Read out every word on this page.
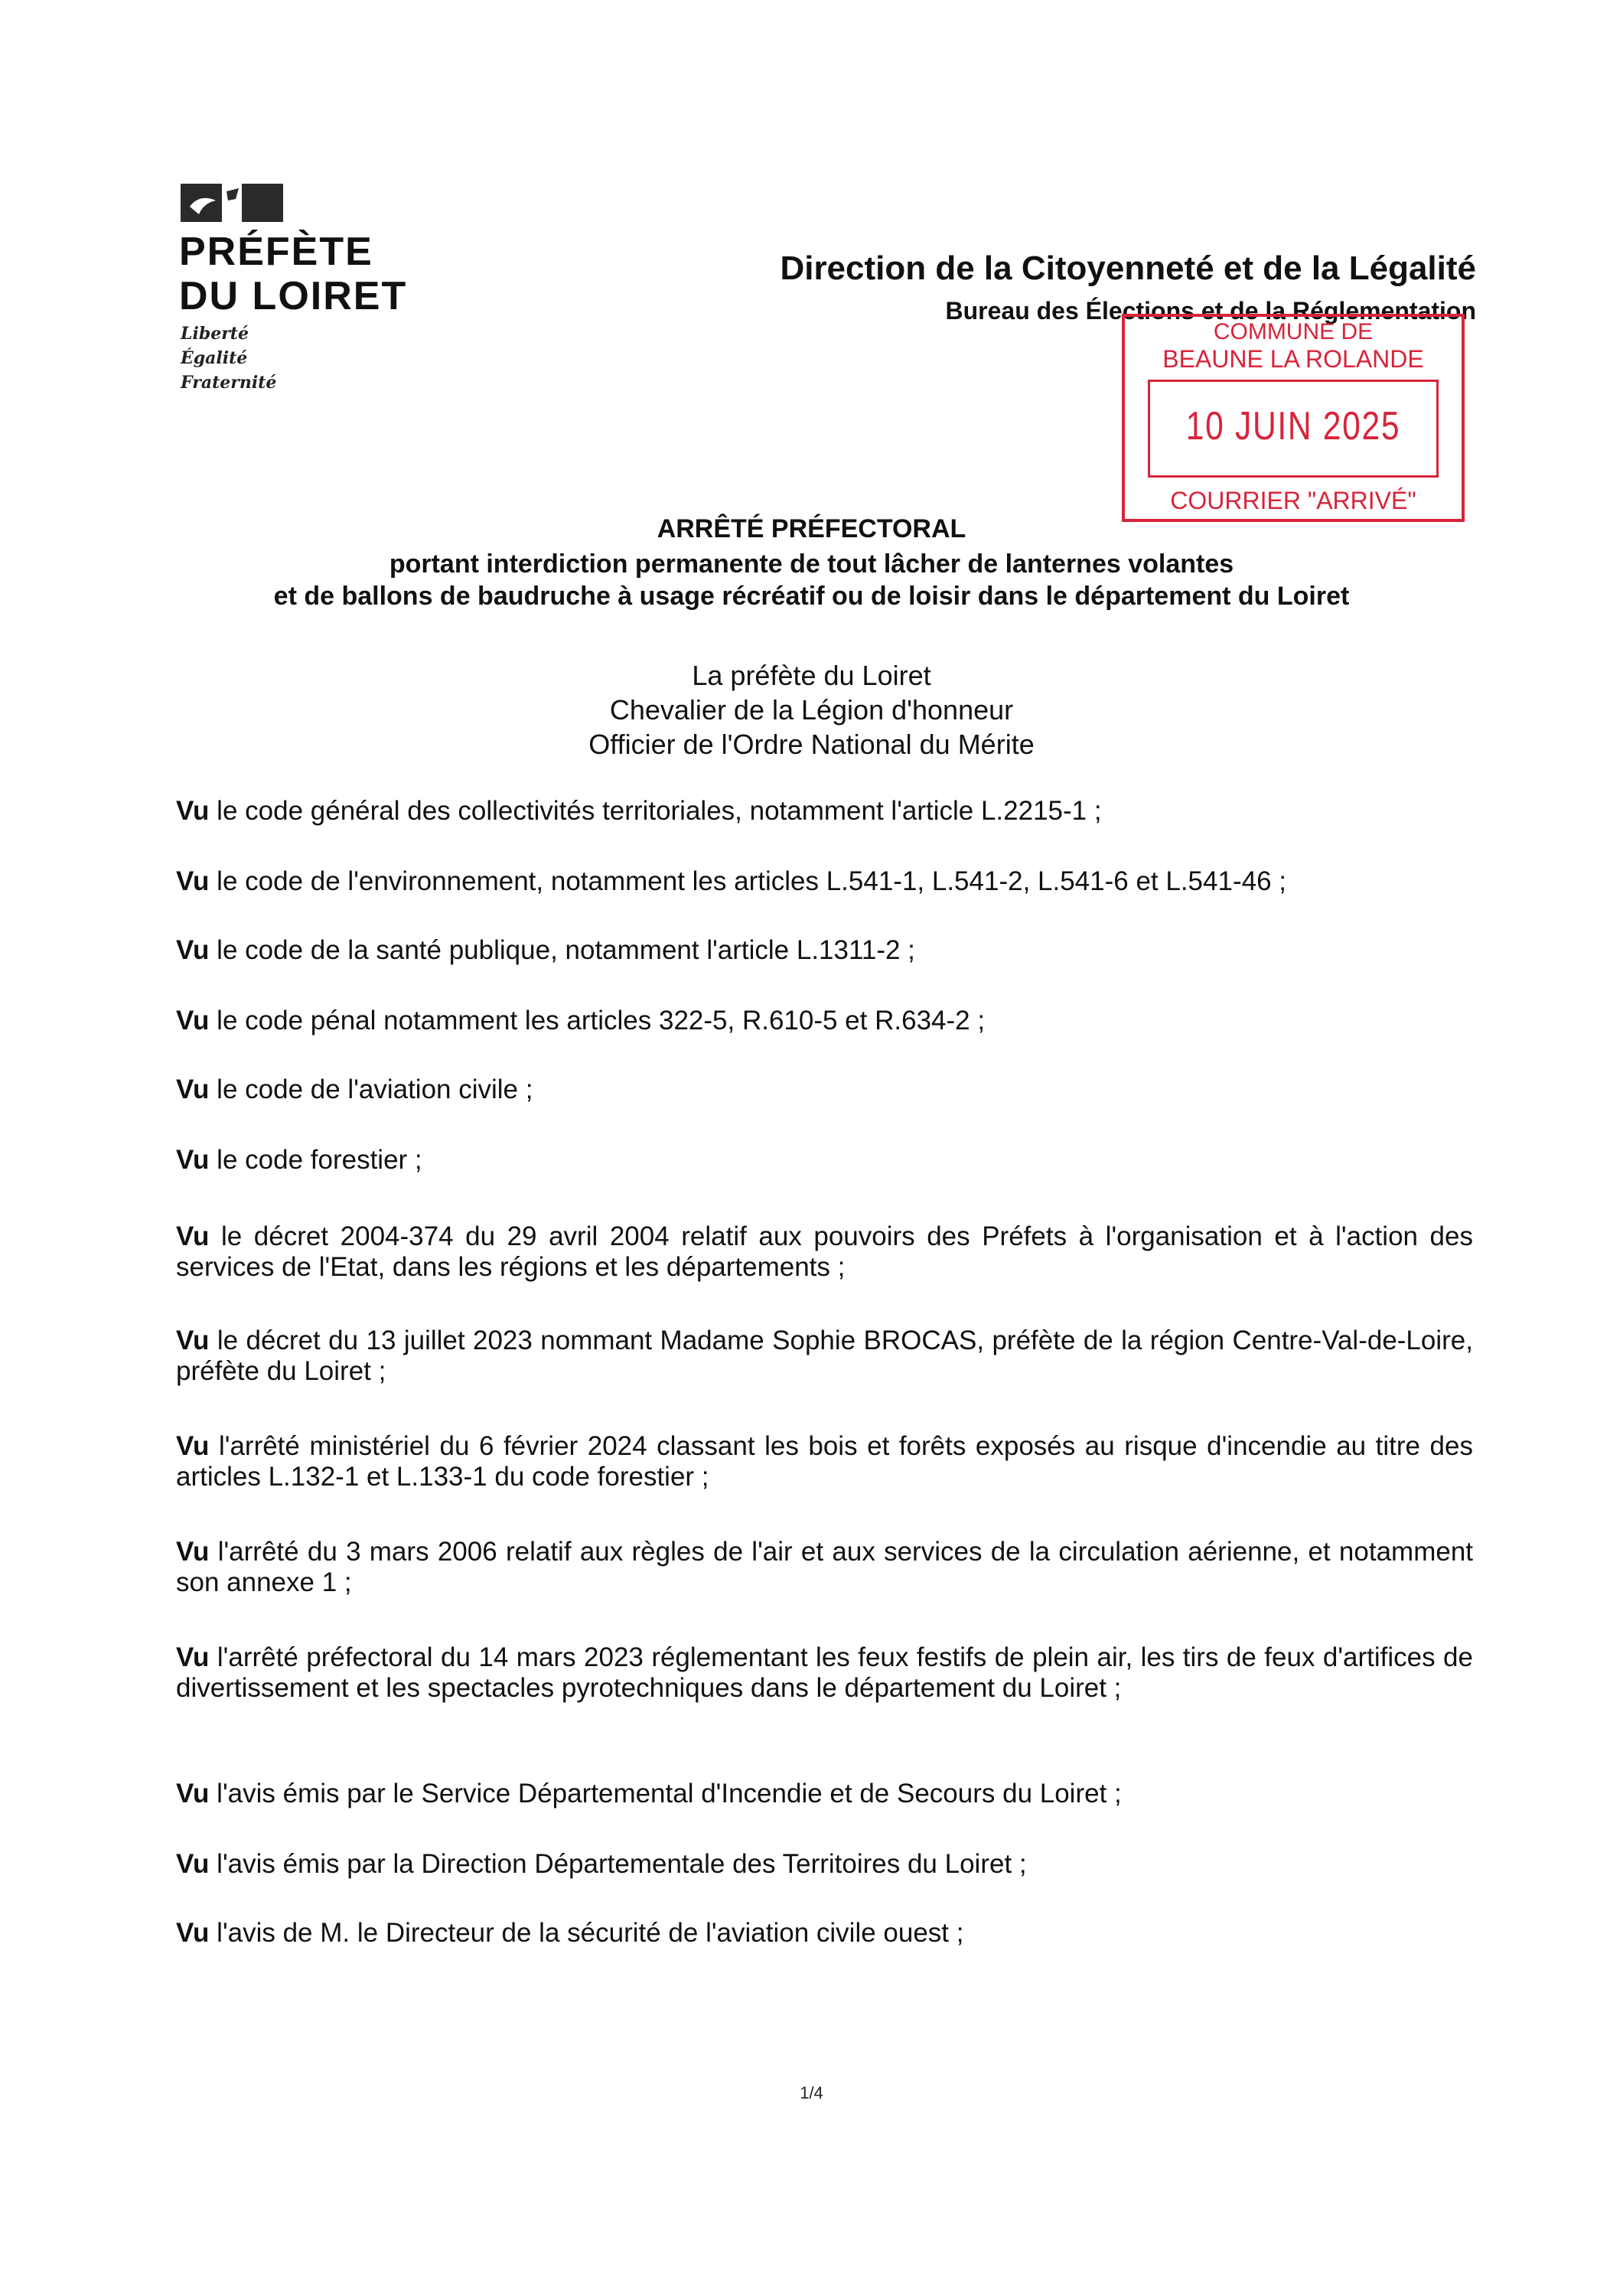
PRÉFÈTE
DU LOIRET
Liberté
Égalité
Fraternité
Direction de la Citoyenneté et de la Légalité
Bureau des Élections et de la Réglementation
COMMUNE DE
BEAUNE LA ROLANDE
10 JUIN 2025
COURRIER "ARRIVÉ"
ARRÊTÉ PRÉFECTORAL
portant interdiction permanente de tout lâcher de lanternes volantes
et de ballons de baudruche à usage récréatif ou de loisir dans le département du Loiret
La préfète du Loiret
Chevalier de la Légion d'honneur
Officier de l'Ordre National du Mérite
Vu le code général des collectivités territoriales, notamment l'article L.2215-1 ;
Vu le code de l'environnement, notamment les articles L.541-1, L.541-2, L.541-6 et L.541-46 ;
Vu le code de la santé publique, notamment l'article L.1311-2 ;
Vu le code pénal notamment les articles 322-5, R.610-5 et R.634-2 ;
Vu le code de l'aviation civile ;
Vu le code forestier ;
Vu le décret 2004-374 du 29 avril 2004 relatif aux pouvoirs des Préfets à l'organisation et à l'action des services de l'Etat, dans les régions et les départements ;
Vu le décret du 13 juillet 2023 nommant Madame Sophie BROCAS, préfète de la région Centre-Val-de-Loire, préfète du Loiret ;
Vu l'arrêté ministériel du 6 février 2024 classant les bois et forêts exposés au risque d'incendie au titre des articles L.132-1 et L.133-1 du code forestier ;
Vu l'arrêté du 3 mars 2006 relatif aux règles de l'air et aux services de la circulation aérienne, et notamment son annexe 1 ;
Vu l'arrêté préfectoral du 14 mars 2023 réglementant les feux festifs de plein air, les tirs de feux d'artifices de divertissement et les spectacles pyrotechniques dans le département du Loiret ;
Vu l'avis émis par le Service Départemental d'Incendie et de Secours du Loiret ;
Vu l'avis émis par la Direction Départementale des Territoires du Loiret ;
Vu l'avis de M. le Directeur de la sécurité de l'aviation civile ouest ;
1/4
